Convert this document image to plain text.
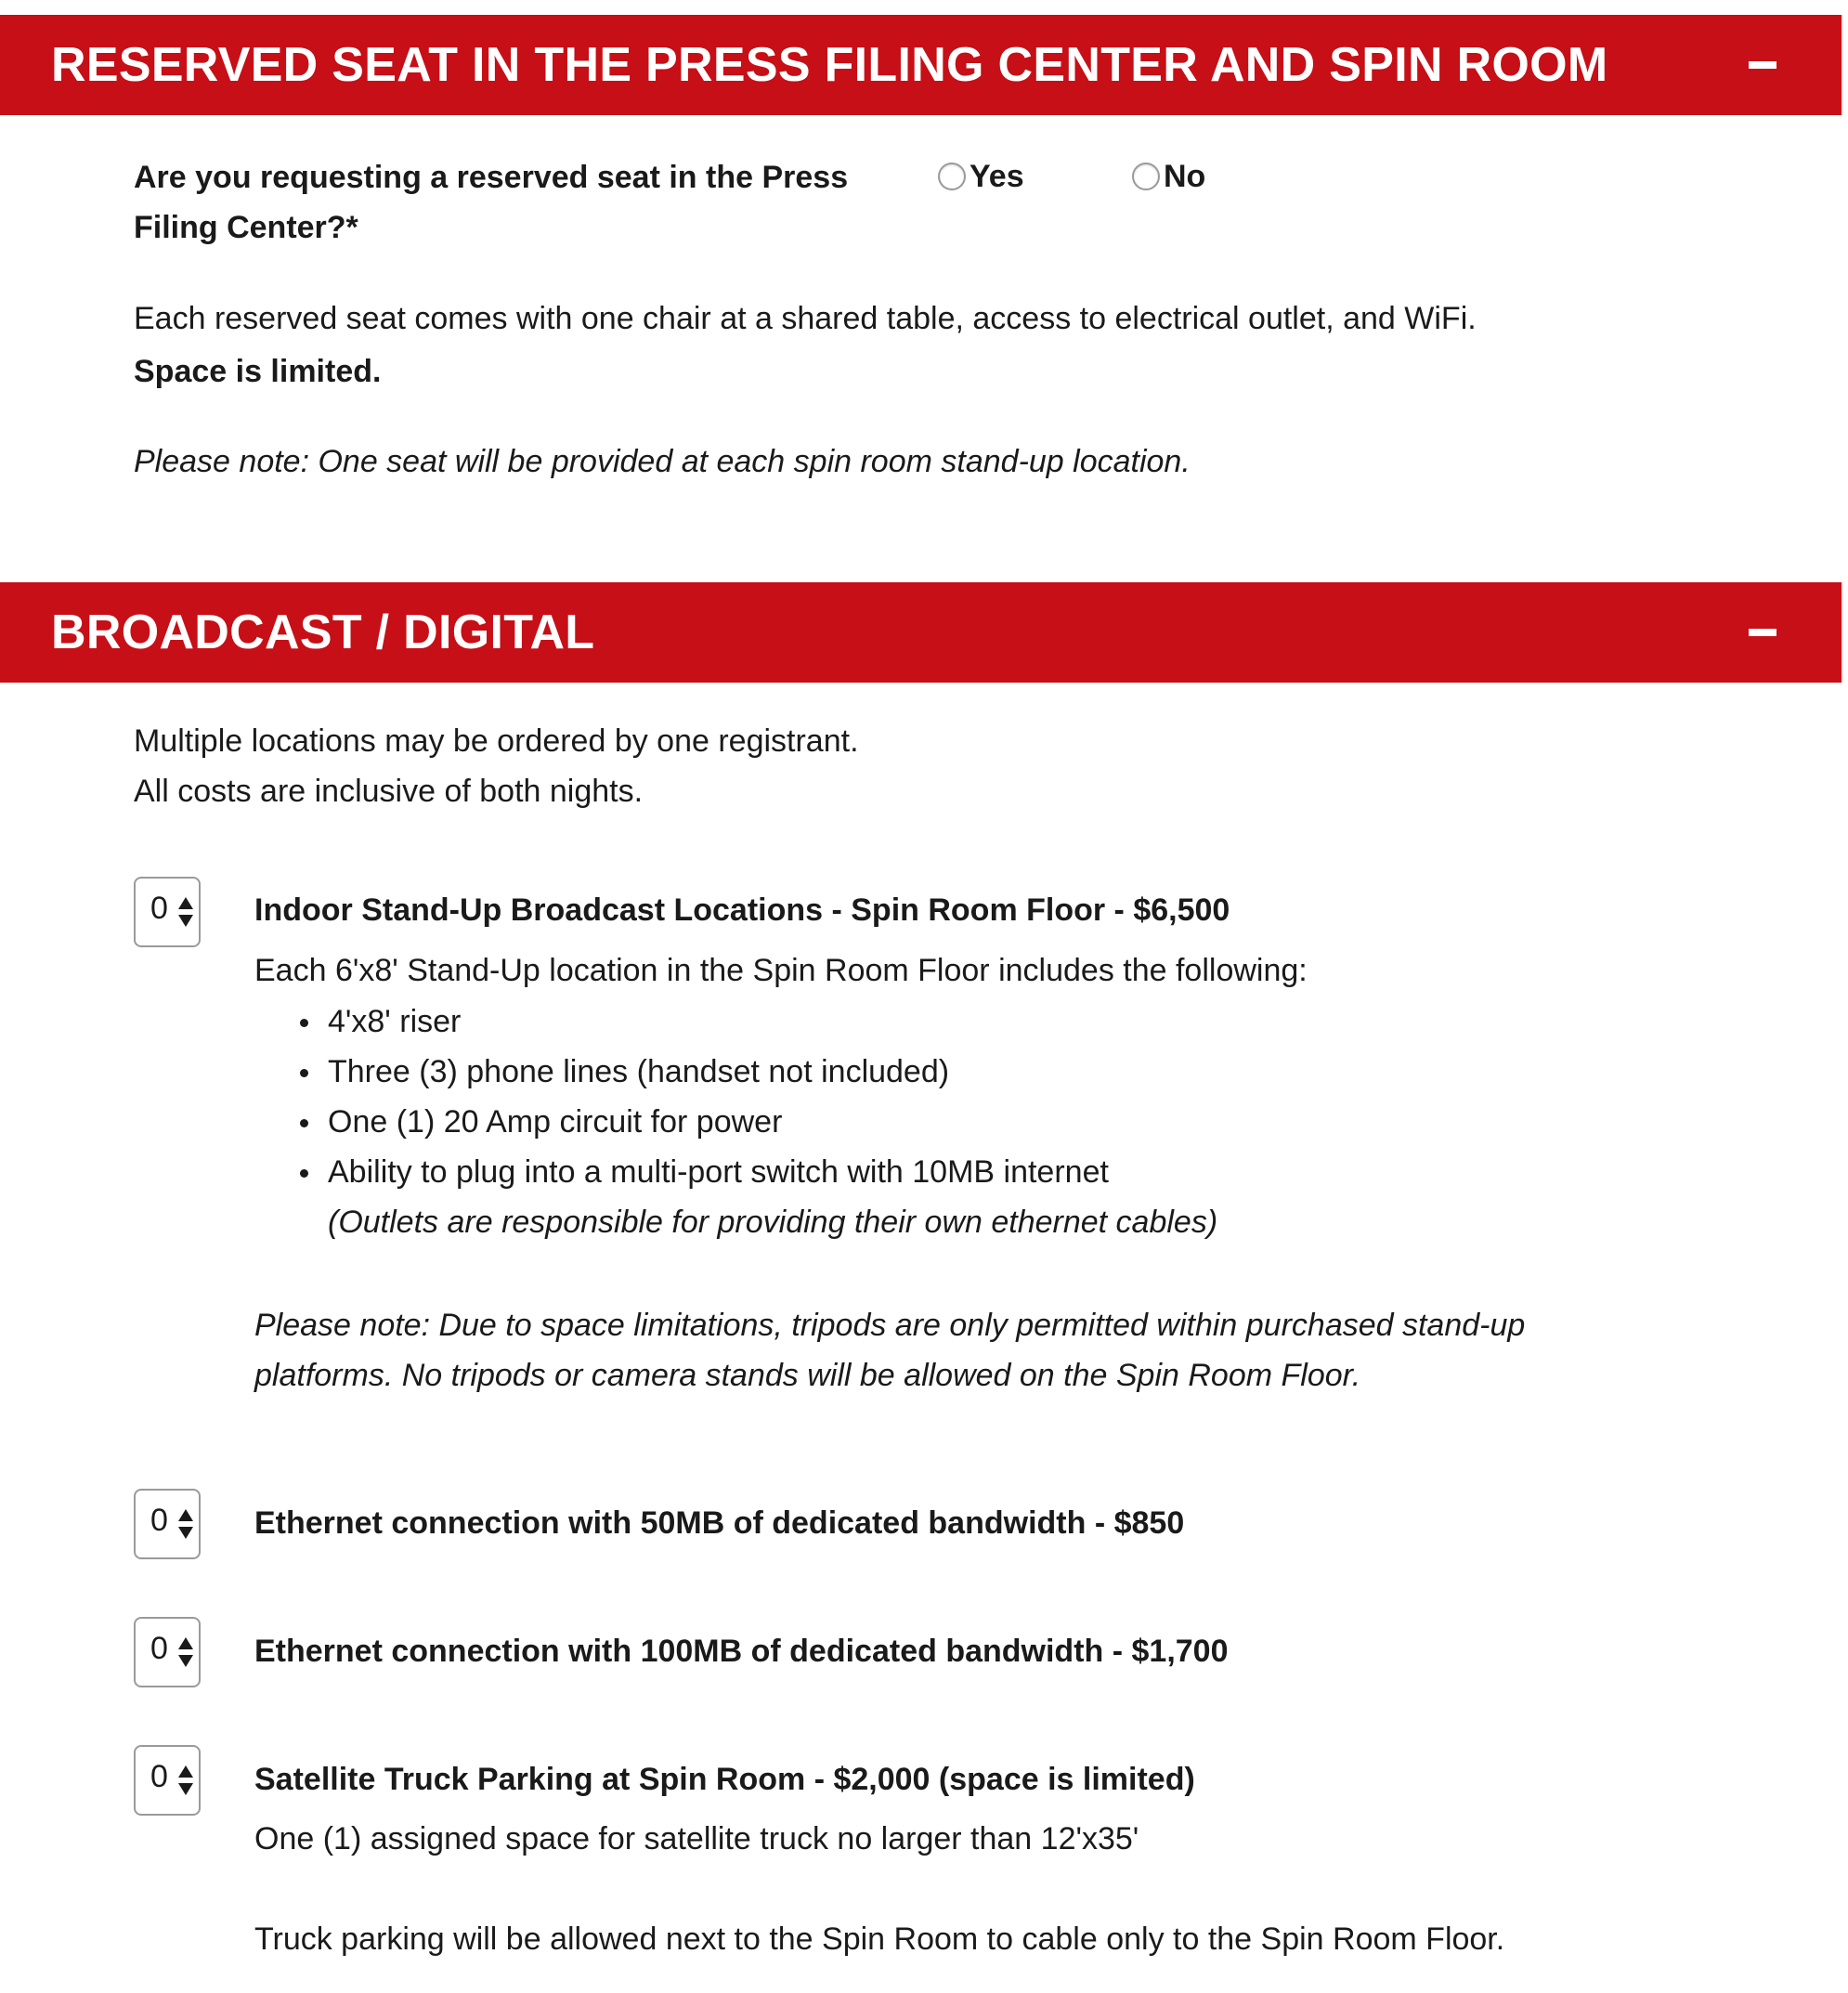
RESERVED SEAT IN THE PRESS FILING CENTER AND SPIN ROOM
Are you requesting a reserved seat in the Press
Filing Center?*
Yes	No
Each reserved seat comes with one chair at a shared table, access to electrical outlet, and WiFi.
Space is limited.
Please note: One seat will be provided at each spin room stand-up location.
BROADCAST / DIGITAL
Multiple locations may be ordered by one registrant.
All costs are inclusive of both nights.
0	Indoor Stand-Up Broadcast Locations - Spin Room Floor - $6,500
Each 6'x8' Stand-Up location in the Spin Room Floor includes the following:
4'x8' riser
Three (3) phone lines (handset not included)
One (1) 20 Amp circuit for power
Ability to plug into a multi-port switch with 10MB internet
(Outlets are responsible for providing their own ethernet cables)
Please note: Due to space limitations, tripods are only permitted within purchased stand-up
platforms. No tripods or camera stands will be allowed on the Spin Room Floor.
0	Ethernet connection with 50MB of dedicated bandwidth - $850
0	Ethernet connection with 100MB of dedicated bandwidth - $1,700
0	Satellite Truck Parking at Spin Room - $2,000 (space is limited)
One (1) assigned space for satellite truck no larger than 12'x35'
Truck parking will be allowed next to the Spin Room to cable only to the Spin Room Floor.
